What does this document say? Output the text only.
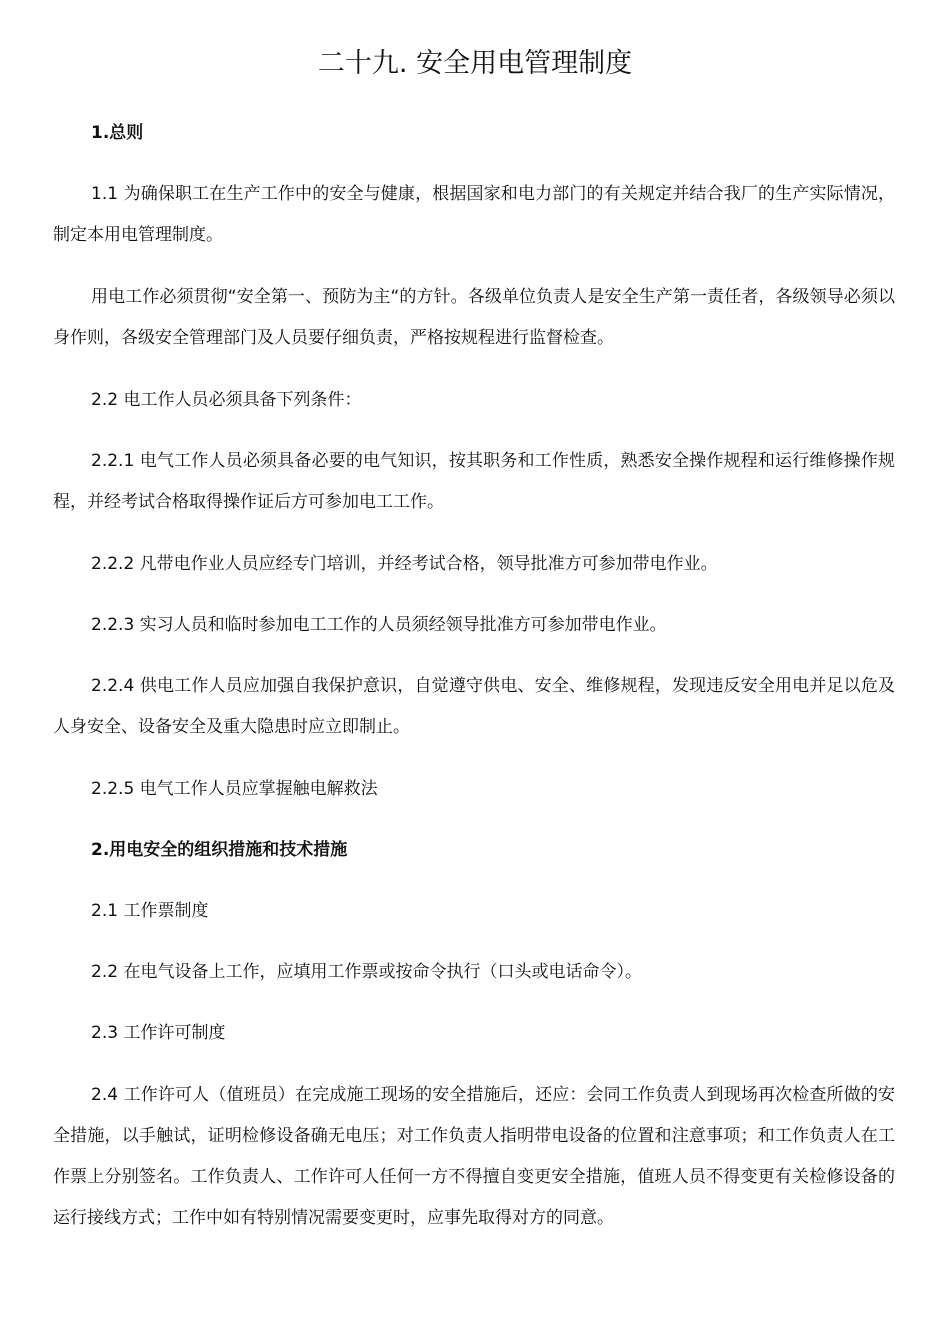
二十九. 安全用电管理制度

1.总则

1.1 为确保职工在生产工作中的安全与健康，根据国家和电力部门的有关规定并结合我厂的生产实际情况，制定本用电管理制度。

用电工作必须贯彻“安全第一、预防为主“的方针。各级单位负责人是安全生产第一责任者，各级领导必须以身作则，各级安全管理部门及人员要仔细负责，严格按规程进行监督检查。

2.2 电工作人员必须具备下列条件：

2.2.1 电气工作人员必须具备必要的电气知识，按其职务和工作性质，熟悉安全操作规程和运行维修操作规程，并经考试合格取得操作证后方可参加电工工作。

2.2.2 凡带电作业人员应经专门培训，并经考试合格，领导批准方可参加带电作业。

2.2.3 实习人员和临时参加电工工作的人员须经领导批准方可参加带电作业。

2.2.4 供电工作人员应加强自我保护意识，自觉遵守供电、安全、维修规程，发现违反安全用电并足以危及人身安全、设备安全及重大隐患时应立即制止。

2.2.5 电气工作人员应掌握触电解救法

2.用电安全的组织措施和技术措施

2.1 工作票制度

2.2 在电气设备上工作，应填用工作票或按命令执行（口头或电话命令）。

2.3 工作许可制度

2.4 工作许可人（值班员）在完成施工现场的安全措施后，还应：会同工作负责人到现场再次检查所做的安全措施，以手触试，证明检修设备确无电压；对工作负责人指明带电设备的位置和注意事项；和工作负责人在工作票上分别签名。工作负责人、工作许可人任何一方不得擅自变更安全措施，值班人员不得变更有关检修设备的运行接线方式；工作中如有特别情况需要变更时，应事先取得对方的同意。
